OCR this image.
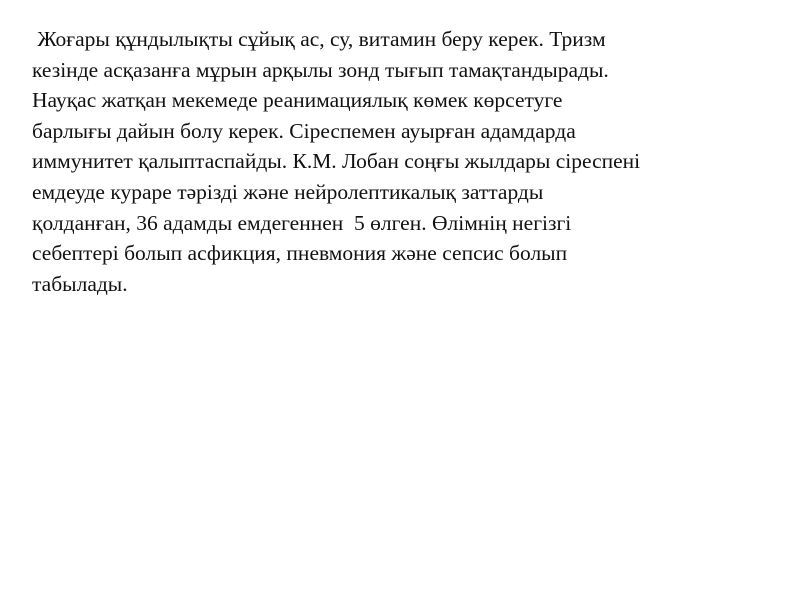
Жоғары құндылықты сұйық ас, су, витамин беру керек. Тризм
кезінде асқазанға мұрын арқылы зонд тығып тамақтандырады.
Науқас жатқан мекемеде реанимациялық көмек көрсетуге
барлығы дайын болу керек. Сіреспемен ауырған адамдарда
иммунитет қалыптаспайды. К.М. Лобан соңғы жылдары сіреспені
емдеуде кураре тәрізді және нейролептикалық заттарды
қолданған, 36 адамды емдегеннен  5 өлген. Өлімнің негізгі
себептері болып асфикция, пневмония және сепсис болып
табылады.
